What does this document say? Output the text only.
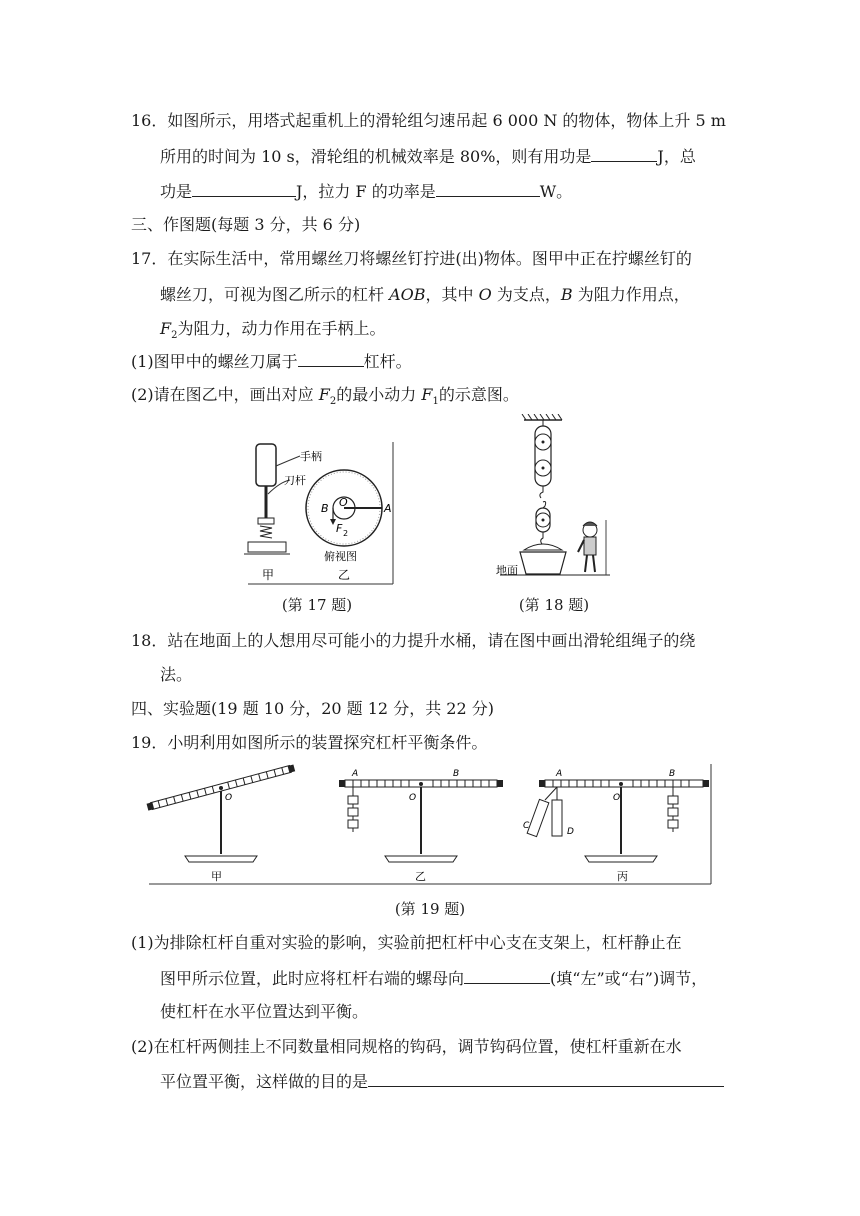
16．如图所示，用塔式起重机上的滑轮组匀速吊起 6 000 N 的物体，物体上升 5 m
所用的时间为 10 s，滑轮组的机械效率是 80%，则有用功是	J，总
功是	J，拉力 F 的功率是	W。
三、作图题(每题 3 分，共 6 分)
17．在实际生活中，常用螺丝刀将螺丝钉拧进(出)物体。图甲中正在拧螺丝钉的
螺丝刀，可视为图乙所示的杠杆 AOB，其中 O 为支点，B 为阻力作用点，
$F_2$为阻力，动力作用在手柄上。
(1)图甲中的螺丝刀属于	杠杆。
(2)请在图乙中，画出对应 $F_2$的最小动力 $F_1$的示意图。
手柄
刀杆
O
B	A
F 2
俯视图
甲	乙
(第 17 题)
地面
(第 18 题)
18．站在地面上的人想用尽可能小的力提升水桶，请在图中画出滑轮组绳子的绕
法。
四、实验题(19 题 10 分，20 题 12 分，共 22 分)
19．小明利用如图所示的装置探究杠杆平衡条件。
O
甲
A	B
O
乙
A	B
O
C
D
丙
(第 19 题)
(1)为排除杠杆自重对实验的影响，实验前把杠杆中心支在支架上，杠杆静止在
图甲所示位置，此时应将杠杆右端的螺母向	(填“左”或“右”)调节，
使杠杆在水平位置达到平衡。
(2)在杠杆两侧挂上不同数量相同规格的钩码，调节钩码位置，使杠杆重新在水
平位置平衡，这样做的目的是
